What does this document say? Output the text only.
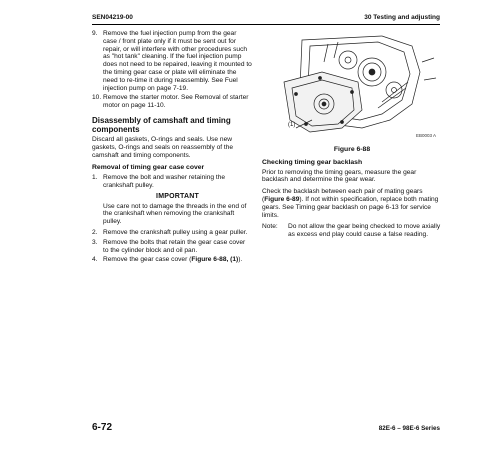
SEN04219-00	30 Testing and adjusting
9. Remove the fuel injection pump from the gear case / front plate only if it must be sent out for repair, or will interfere with other procedures such as "hot tank" cleaning. If the fuel injection pump does not need to be repaired, leaving it mounted to the timing gear case or plate will eliminate the need to re-time it during reassembly. See Fuel injection pump on page 7-19.
10. Remove the starter motor. See Removal of starter motor on page 11-10.
Disassembly of camshaft and timing components

Discard all gaskets, O-rings and seals. Use new gaskets, O-rings and seals on reassembly of the camshaft and timing components.

Removal of timing gear case cover
1. Remove the bolt and washer retaining the crankshaft pulley.
IMPORTANT
Use care not to damage the threads in the end of the crankshaft when removing the crankshaft pulley.
2. Remove the crankshaft pulley using a gear puller.
3. Remove the bolts that retain the gear case cover to the cylinder block and oil pan.
4. Remove the gear case cover (Figure 6-88, (1)).
(1)
EB0003 A
Figure 6-88
Checking timing gear backlash

Prior to removing the timing gears, measure the gear backlash and determine the gear wear.

Check the backlash between each pair of mating gears (Figure 6-89). If not within specification, replace both mating gears. See Timing gear backlash on page 6-13 for service limits.

Note:	Do not allow the gear being checked to move axially as excess end play could cause a false reading.
6-72	82E-6 – 98E-6 Series
